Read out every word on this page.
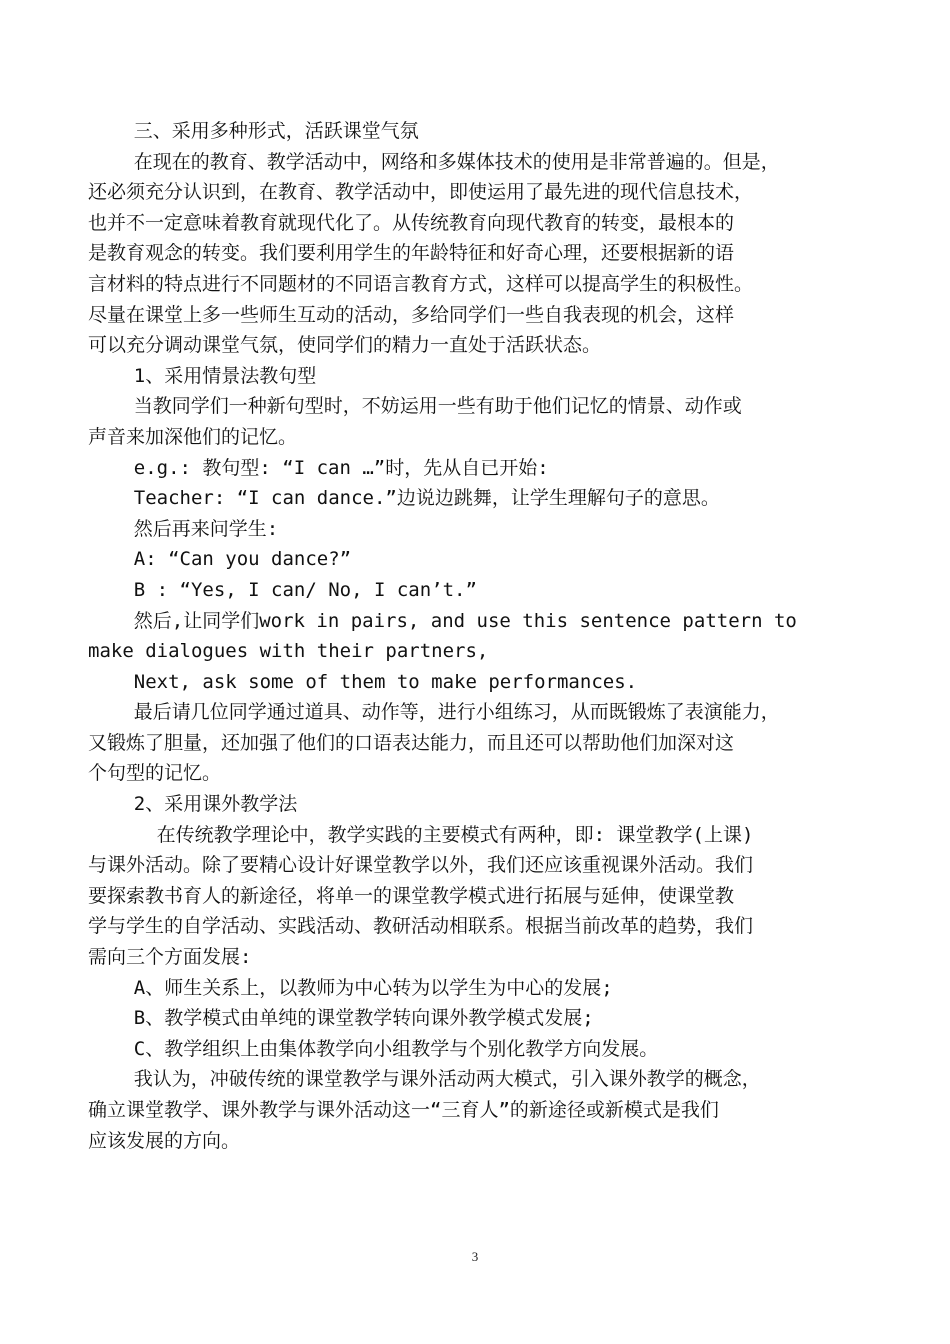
三、采用多种形式，活跃课堂气氛
在现在的教育、教学活动中，网络和多媒体技术的使用是非常普遍的。但是，
还必须充分认识到，在教育、教学活动中，即使运用了最先进的现代信息技术，
也并不一定意味着教育就现代化了。从传统教育向现代教育的转变，最根本的
是教育观念的转变。我们要利用学生的年龄特征和好奇心理，还要根据新的语
言材料的特点进行不同题材的不同语言教育方式，这样可以提高学生的积极性。
尽量在课堂上多一些师生互动的活动，多给同学们一些自我表现的机会，这样
可以充分调动课堂气氛，使同学们的精力一直处于活跃状态。
1、采用情景法教句型
当教同学们一种新句型时，不妨运用一些有助于他们记忆的情景、动作或
声音来加深他们的记忆。
e.g.: 教句型: “I can …”时，先从自已开始:
Teacher: “I can dance.”边说边跳舞，让学生理解句子的意思。
然后再来问学生:
A: “Can you dance?”
B : “Yes, I can/ No, I can’t.”
然后,让同学们work in pairs, and use this sentence pattern to
make dialogues with their partners,
Next, ask some of them to make performances.
最后请几位同学通过道具、动作等，进行小组练习，从而既锻炼了表演能力，
又锻炼了胆量，还加强了他们的口语表达能力，而且还可以帮助他们加深对这
个句型的记忆。
2、采用课外教学法
在传统教学理论中，教学实践的主要模式有两种，即: 课堂教学(上课)
与课外活动。除了要精心设计好课堂教学以外，我们还应该重视课外活动。我们
要探索教书育人的新途径，将单一的课堂教学模式进行拓展与延伸，使课堂教
学与学生的自学活动、实践活动、教研活动相联系。根据当前改革的趋势，我们
需向三个方面发展:
A、师生关系上，以教师为中心转为以学生为中心的发展;
B、教学模式由单纯的课堂教学转向课外教学模式发展;
C、教学组织上由集体教学向小组教学与个别化教学方向发展。
我认为，冲破传统的课堂教学与课外活动两大模式，引入课外教学的概念，
确立课堂教学、课外教学与课外活动这一“三育人”的新途径或新模式是我们
应该发展的方向。
3
